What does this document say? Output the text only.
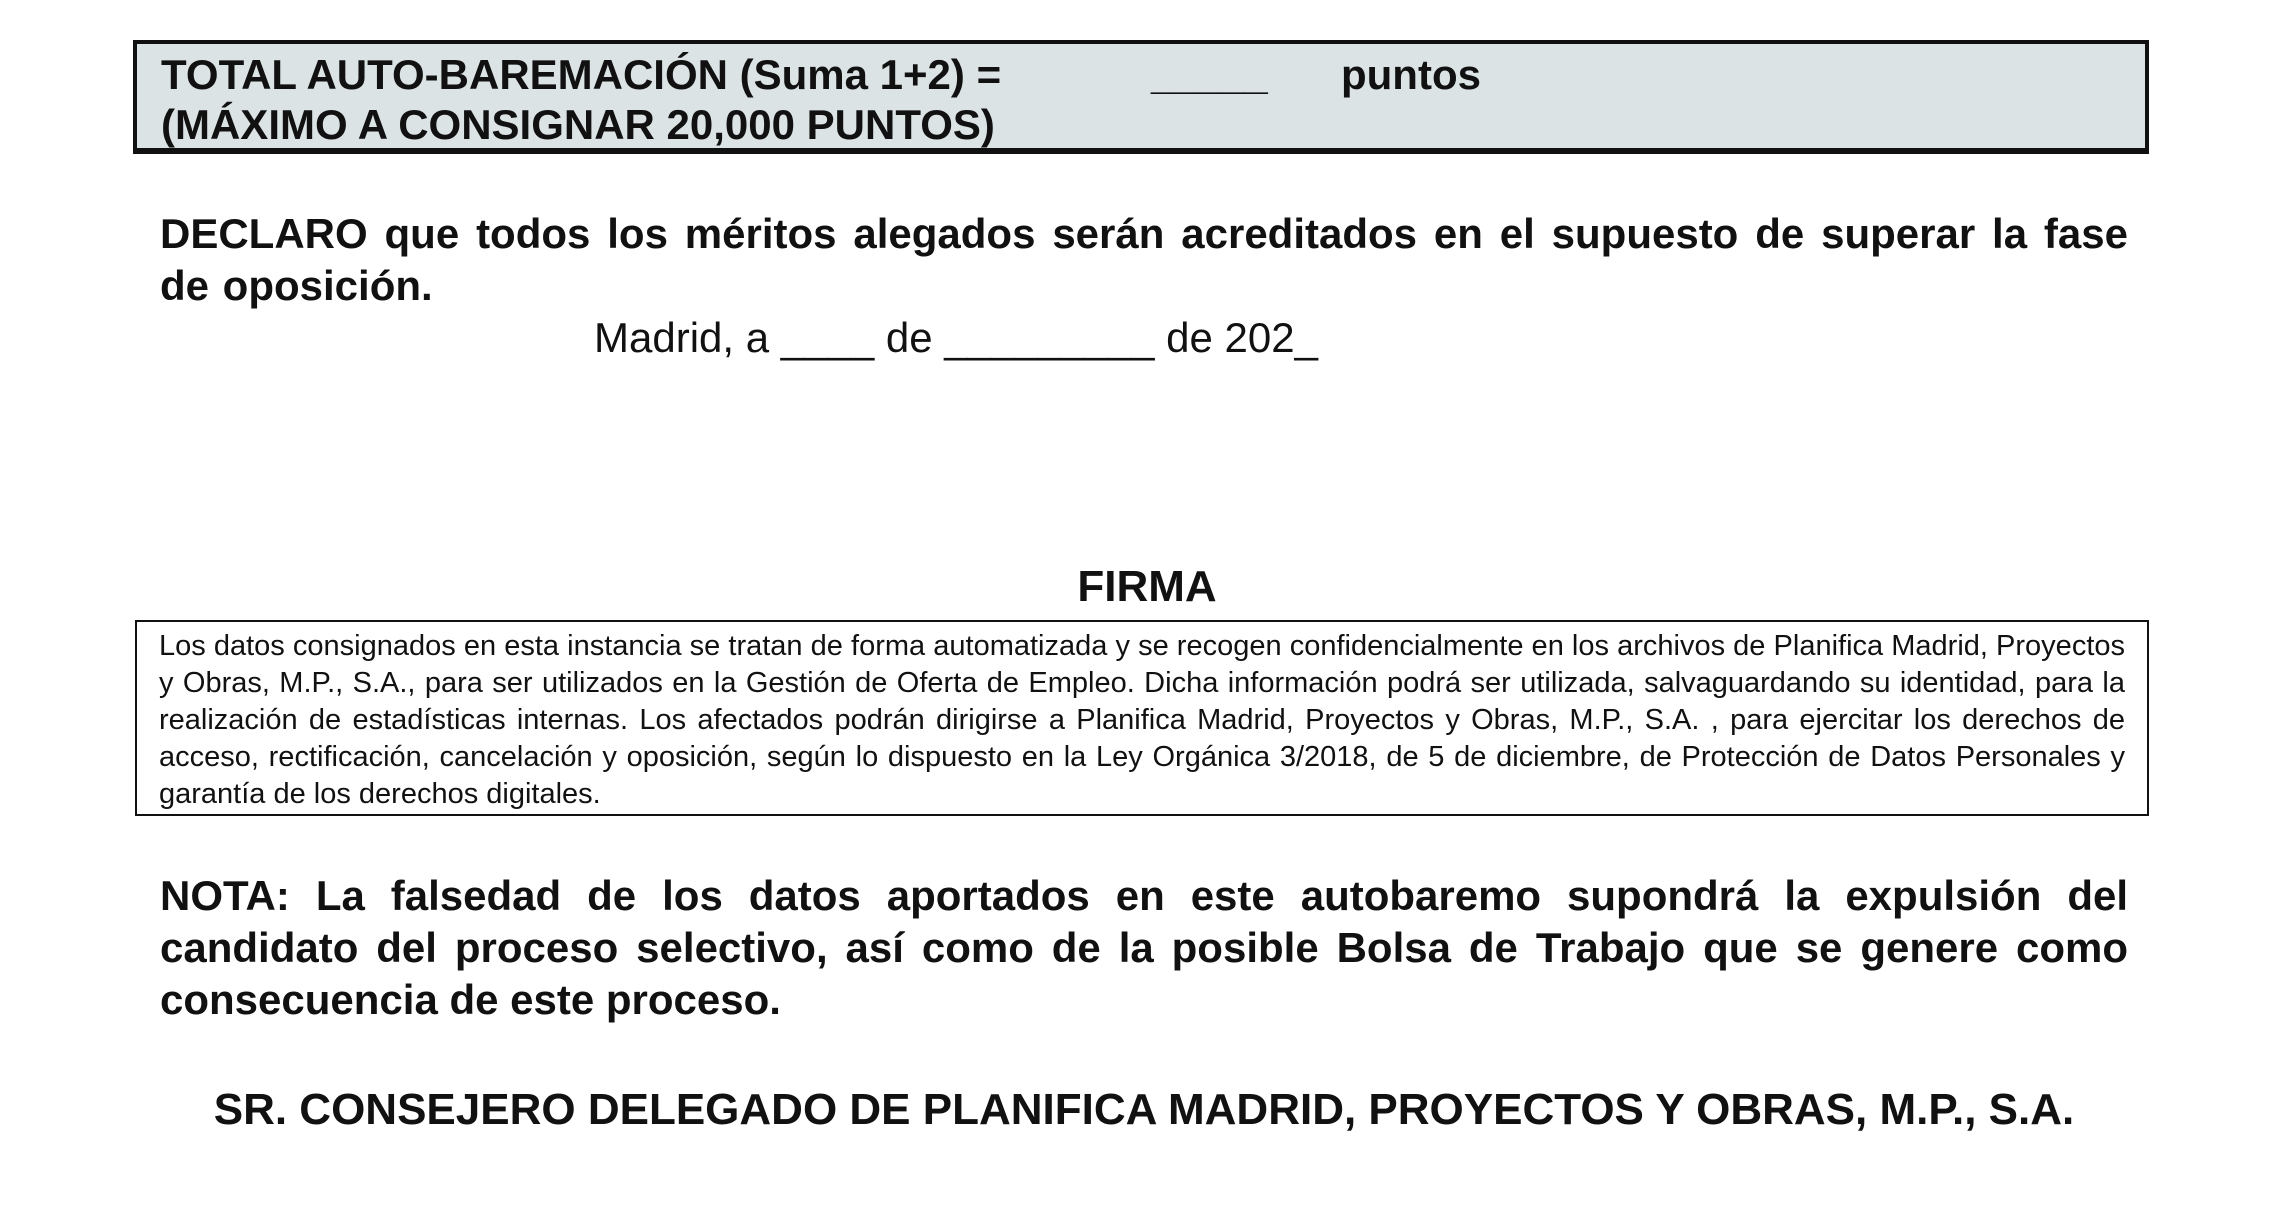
TOTAL AUTO-BAREMACIÓN (Suma 1+2) =	_____ puntos
(MÁXIMO A CONSIGNAR 20,000 PUNTOS)

DECLARO que todos los méritos alegados serán acreditados en el supuesto de superar la fase de oposición.

Madrid, a ____ de _________ de 202_
FIRMA
Los datos consignados en esta instancia se tratan de forma automatizada y se recogen confidencialmente en los archivos de Planifica Madrid, Proyectos y Obras, M.P., S.A., para ser utilizados en la Gestión de Oferta de Empleo. Dicha información podrá ser utilizada, salvaguardando su identidad, para la realización de estadísticas internas. Los afectados podrán dirigirse a Planifica Madrid, Proyectos y Obras, M.P., S.A. , para ejercitar los derechos de acceso, rectificación, cancelación y oposición, según lo dispuesto en la Ley Orgánica 3/2018, de 5 de diciembre, de Protección de Datos Personales y garantía de los derechos digitales.

NOTA: La falsedad de los datos aportados en este autobaremo supondrá la expulsión del candidato del proceso selectivo, así como de la posible Bolsa de Trabajo que se genere como consecuencia de este proceso.

SR. CONSEJERO DELEGADO DE PLANIFICA MADRID, PROYECTOS Y OBRAS, M.P., S.A.
